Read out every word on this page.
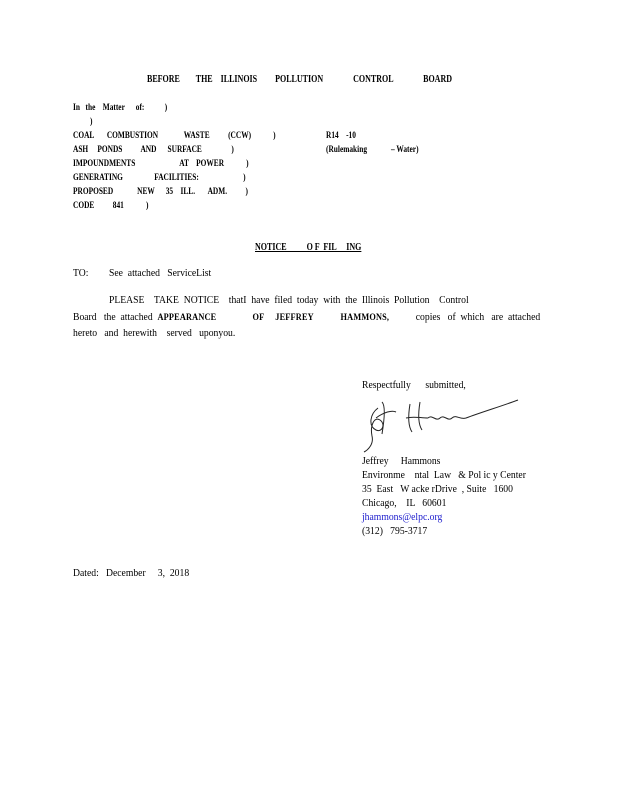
BEFORE        THE    ILLINOIS         POLLUTION               CONTROL               BOARD
In   the    Matter      of:           )
)
COAL       COMBUSTION              WASTE          (CCW)            )	R14    -10
ASH     PONDS          AND      SURFACE                )	(Rulemaking             – Water)
IMPOUNDMENTS                        AT    POWER            )
GENERATING                 FACILITIES:                        )
PROPOSED             NEW      35    ILL.       ADM.          )
CODE          841            )
NOTICE          O F  FIL     ING
TO: See  attached   ServiceList
PLEASE    TAKE  NOTICE    thatI  have  filed  today  with  the  Illinois  Pollution    Control
Board   the  attached  APPEARANCE                OF     JEFFREY            HAMMONS,           copies   of  which   are  attached
hereto   and  herewith    served   uponyou.
Respectfully      submitted,
Jeffrey     Hammons
Environme    ntal  Law   & Pol ic y Center
35  East   W acke rDrive  , Suite   1600
Chicago,    IL   60601
jhammons@elpc.org
(312)   795-3717
Dated:   December     3,  2018
